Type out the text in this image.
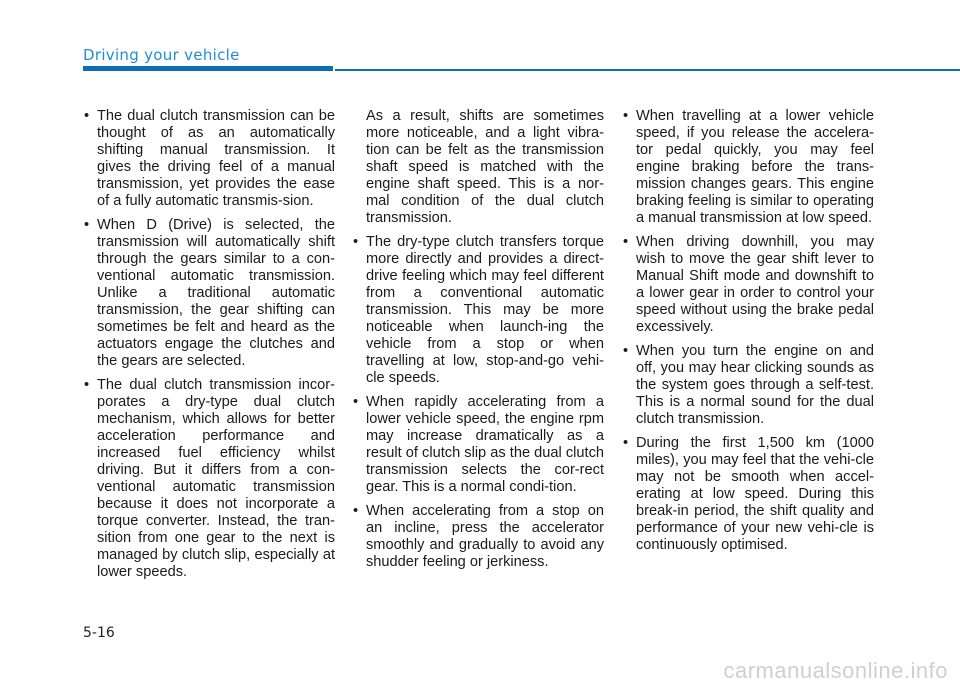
Driving your vehicle

• The dual clutch transmission can be thought of as an automatically shifting manual transmission. It gives the driving feel of a manual transmission, yet provides the ease of a fully automatic transmis-sion.

• When D (Drive) is selected, the transmission will automatically shift through the gears similar to a con-ventional automatic transmission. Unlike a traditional automatic transmission, the gear shifting can sometimes be felt and heard as the actuators engage the clutches and the gears are selected.

• The dual clutch transmission incor-porates a dry-type dual clutch mechanism, which allows for better acceleration performance and increased fuel efficiency whilst driving. But it differs from a con-ventional automatic transmission because it does not incorporate a torque converter. Instead, the tran-sition from one gear to the next is managed by clutch slip, especially at lower speeds.

As a result, shifts are sometimes more noticeable, and a light vibra-tion can be felt as the transmission shaft speed is matched with the engine shaft speed. This is a nor-mal condition of the dual clutch transmission.

• The dry-type clutch transfers torque more directly and provides a direct-drive feeling which may feel different from a conventional automatic transmission. This may be more noticeable when launch-ing the vehicle from a stop or when travelling at low, stop-and-go vehi-cle speeds.

• When rapidly accelerating from a lower vehicle speed, the engine rpm may increase dramatically as a result of clutch slip as the dual clutch transmission selects the cor-rect gear. This is a normal condi-tion.

• When accelerating from a stop on an incline, press the accelerator smoothly and gradually to avoid any shudder feeling or jerkiness.

• When travelling at a lower vehicle speed, if you release the accelera-tor pedal quickly, you may feel engine braking before the trans-mission changes gears. This engine braking feeling is similar to operating a manual transmission at low speed.

• When driving downhill, you may wish to move the gear shift lever to Manual Shift mode and downshift to a lower gear in order to control your speed without using the brake pedal excessively.

• When you turn the engine on and off, you may hear clicking sounds as the system goes through a self-test. This is a normal sound for the dual clutch transmission.

• During the first 1,500 km (1000 miles), you may feel that the vehi-cle may not be smooth when accel-erating at low speed. During this break-in period, the shift quality and performance of your new vehi-cle is continuously optimised.

5-16
carmanualsonline.info
